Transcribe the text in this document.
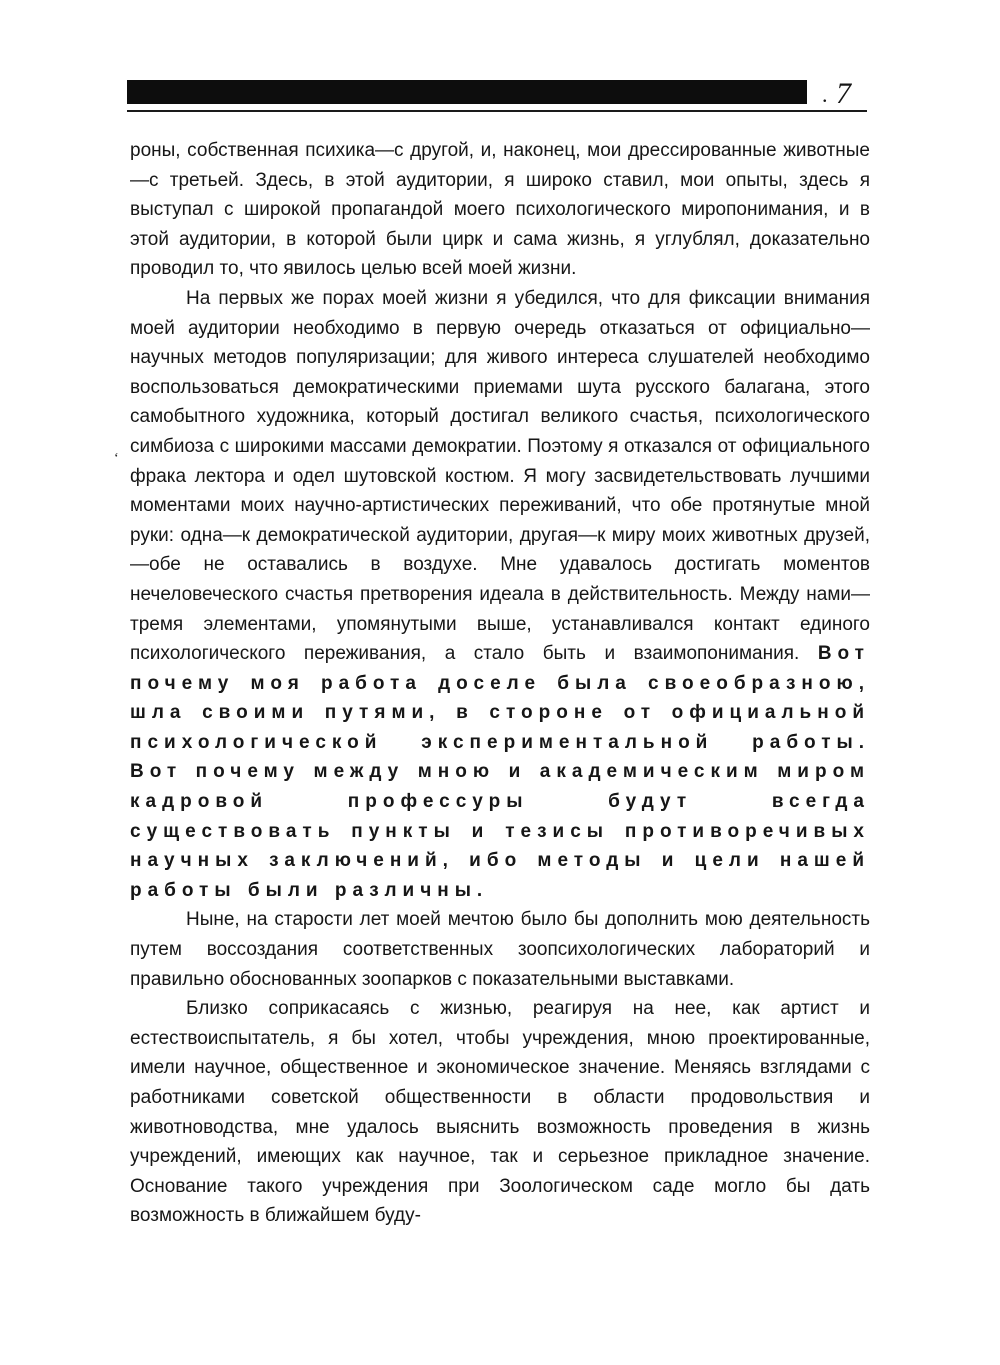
. 7
‘

роны, собственная психика—с другой, и, наконец, мои дрессированные животные—с третьей. Здесь, в этой аудитории, я широко ставил, мои опыты, здесь я выступал с широкой пропагандой моего психологического миропонимания, и в этой аудитории, в которой были цирк и сама жизнь, я углублял, доказательно проводил то, что явилось целью всей моей жизни.

На первых же порах моей жизни я убедился, что для фиксации внимания моей аудитории необходимо в первую очередь отказаться от официально—научных методов популяризации; для живого интереса слушателей необходимо воспользоваться демократическими приемами шута русского балагана, этого самобытного художника, который достигал великого счастья, психологического симбиоза с широкими массами демократии. Поэтому я отказался от официального фрака лектора и одел шутовской костюм. Я могу засвидетельствовать лучшими моментами моих научно-артистических переживаний, что обе протянутые мной руки: одна—к демократической аудитории, другая—к миру моих животных друзей,—обе не оставались в воздухе. Мне удавалось достигать моментов нечеловеческого счастья претворения идеала в действительность. Между нами—тремя элементами, упомянутыми выше, устанавливался контакт единого психологического переживания, а стало быть и взаимопонимания. Вот почему моя работа доселе была своеобразною, шла своими путями, в стороне от официальной психологической экспериментальной работы. Вот почему между мною и академическим миром кадровой профессуры будут всегда существовать пункты и тезисы противоречивых научных заключений, ибо методы и цели нашей работы были различны.

Ныне, на старости лет моей мечтою было бы дополнить мою деятельность путем воссоздания соответственных зоопсихологических лабораторий и правильно обоснованных зоопарков с показательными выставками.

Близко соприкасаясь с жизнью, реагируя на нее, как артист и естествоиспытатель, я бы хотел, чтобы учреждения, мною проектированные, имели научное, общественное и экономическое значение. Меняясь взглядами с работниками советской общественности в области продовольствия и животноводства, мне удалось выяснить возможность проведения в жизнь учреждений, имеющих как научное, так и серьезное прикладное значение. Основание такого учреждения при Зоологическом саде могло бы дать возможность в ближайшем буду-
